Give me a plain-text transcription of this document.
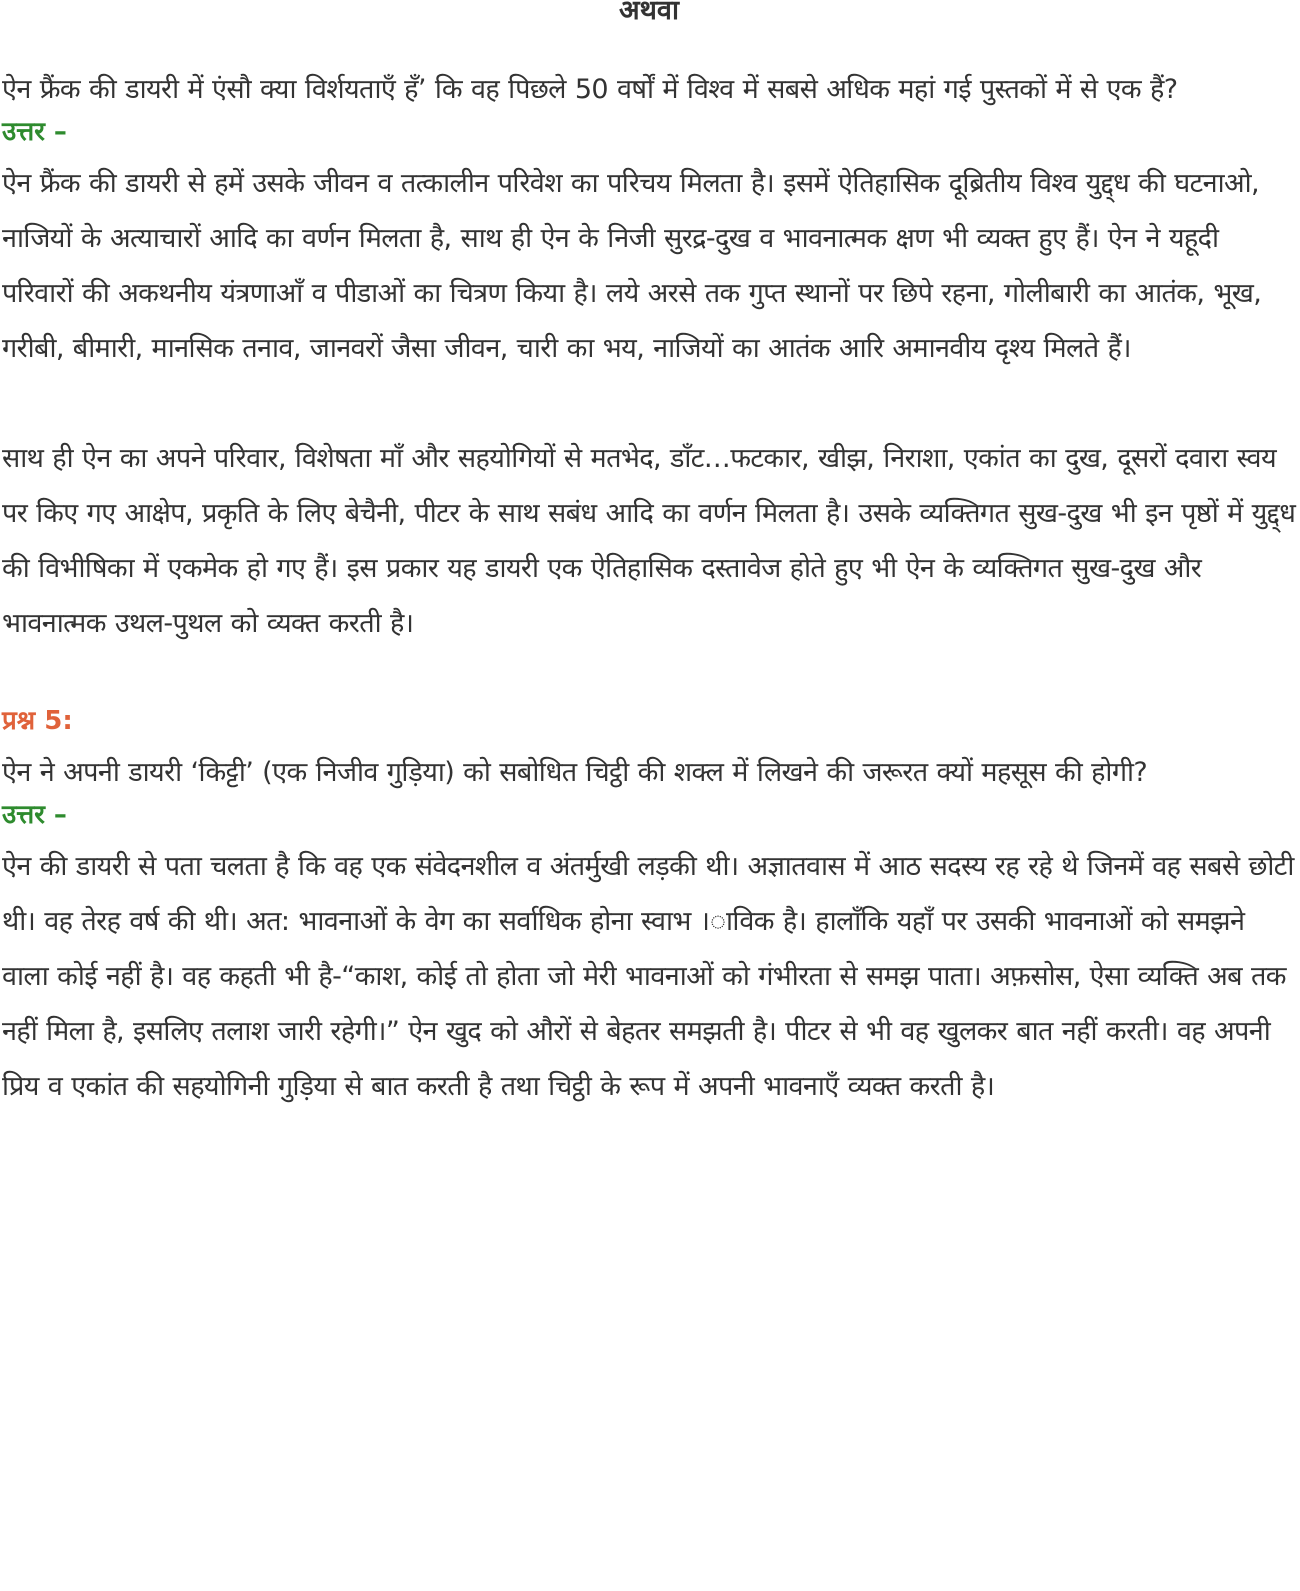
अथवा

ऐन फ्रैंक की डायरी में एंसौ क्या विर्शयताएँ हँ’ कि वह पिछले 50 वर्षों में विश्व में सबसे अधिक महां गई पुस्तकों में से एक हैं?

उत्तर –

ऐन फ्रैंक की डायरी से हमें उसके जीवन व तत्कालीन परिवेश का परिचय मिलता है। इसमें ऐतिहासिक दूब्रितीय विश्व युद्द्ध की घटनाओ, नाजियों के अत्याचारों आदि का वर्णन मिलता है, साथ ही ऐन के निजी सुरद्र-दुख व भावनात्मक क्षण भी व्यक्त हुए हैं। ऐन ने यहूदी परिवारों की अकथनीय यंत्रणाआँ व पीडाओं का चित्रण किया है। लये अरसे तक गुप्त स्थानों पर छिपे रहना, गोलीबारी का आतंक, भूख, गरीबी, बीमारी, मानसिक तनाव, जानवरों जैसा जीवन, चारी का भय, नाजियों का आतंक आरि अमानवीय दृश्य मिलते हैं।

साथ ही ऐन का अपने परिवार, विशेषता माँ और सहयोगियों से मतभेद, डाँट…फटकार, खीझ, निराशा, एकांत का दुख, दूसरों दवारा स्वय पर किए गए आक्षेप, प्रकृति के लिए बेचैनी, पीटर के साथ सबंध आदि का वर्णन मिलता है। उसके व्यक्तिगत सुख-दुख भी इन पृष्ठों में युद्द्ध की विभीषिका में एकमेक हो गए हैं। इस प्रकार यह डायरी एक ऐतिहासिक दस्तावेज होते हुए भी ऐन के व्यक्तिगत सुख-दुख और भावनात्मक उथल-पुथल को व्यक्त करती है।

प्रश्न 5:

ऐन ने अपनी डायरी ‘किट्टी’ (एक निजीव गुड़िया) को सबोधित चिट्ठी की शक्ल में लिखने की जरूरत क्यों महसूस की होगी?

उत्तर –

ऐन की डायरी से पता चलता है कि वह एक संवेदनशील व अंतर्मुखी लड़की थी। अज्ञातवास में आठ सदस्य रह रहे थे जिनमें वह सबसे छोटी थी। वह तेरह वर्ष की थी। अत: भावनाओं के वेग का सर्वाधिक होना स्वाभ ।ाविक है। हालाँकि यहाँ पर उसकी भावनाओं को समझने वाला कोई नहीं है। वह कहती भी है-“काश, कोई तो होता जो मेरी भावनाओं को गंभीरता से समझ पाता। अफ़सोस, ऐसा व्यक्ति अब तक नहीं मिला है, इसलिए तलाश जारी रहेगी।” ऐन खुद को औरों से बेहतर समझती है। पीटर से भी वह खुलकर बात नहीं करती। वह अपनी प्रिय व एकांत की सहयोगिनी गुड़िया से बात करती है तथा चिट्ठी के रूप में अपनी भावनाएँ व्यक्त करती है।
